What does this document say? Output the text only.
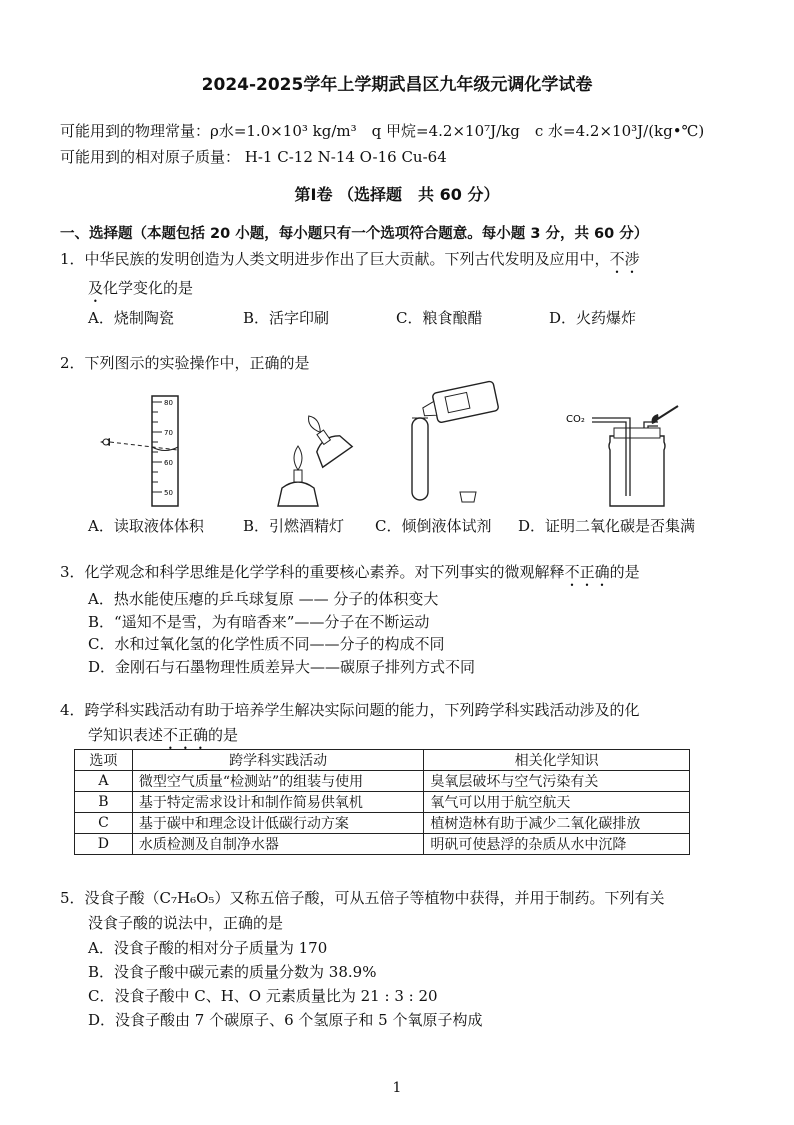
2024-2025学年上学期武昌区九年级元调化学试卷
可能用到的物理常量：ρ水=1.0×10³ kg/m³　q 甲烷=4.2×10⁷J/kg　c 水=4.2×10³J/(kg•℃)
可能用到的相对原子质量： H-1 C-12 N-14 O-16 Cu-64
第Ⅰ卷 （选择题　共 60 分）
一、选择题（本题包括 20 小题，每小题只有一个选项符合题意。每小题 3 分，共 60 分）
1．中华民族的发明创造为人类文明进步作出了巨大贡献。下列古代发明及应用中，不涉
及化学变化的是
A．烧制陶瓷	B．活字印刷	C．粮食酿醋	D．火药爆炸
2．下列图示的实验操作中，正确的是
80
70
60
50
CO₂
A．读取液体体积	B．引燃酒精灯 C．倾倒液体试剂 D．证明二氧化碳是否集满
3．化学观念和科学思维是化学学科的重要核心素养。对下列事实的微观解释不正确的是
A．热水能使压瘪的乒乓球复原 —— 分子的体积变大
B．“遥知不是雪，为有暗香来”——分子在不断运动
C．水和过氧化氢的化学性质不同——分子的构成不同
D．金刚石与石墨物理性质差异大——碳原子排列方式不同
4．跨学科实践活动有助于培养学生解决实际问题的能力，下列跨学科实践活动涉及的化
学知识表述不正确的是
选项	跨学科实践活动	相关化学知识
A	微型空气质量“检测站”的组装与使用	臭氧层破坏与空气污染有关
B	基于特定需求设计和制作简易供氧机	氧气可以用于航空航天
C	基于碳中和理念设计低碳行动方案	植树造林有助于减少二氧化碳排放
D	水质检测及自制净水器	明矾可使悬浮的杂质从水中沉降
5．没食子酸（C₇H₆O₅）又称五倍子酸，可从五倍子等植物中获得，并用于制药。下列有关
没食子酸的说法中，正确的是
A．没食子酸的相对分子质量为 170
B．没食子酸中碳元素的质量分数为 38.9%
C．没食子酸中 C、H、O 元素质量比为 21 : 3 : 20
D．没食子酸由 7 个碳原子、6 个氢原子和 5 个氧原子构成
1
